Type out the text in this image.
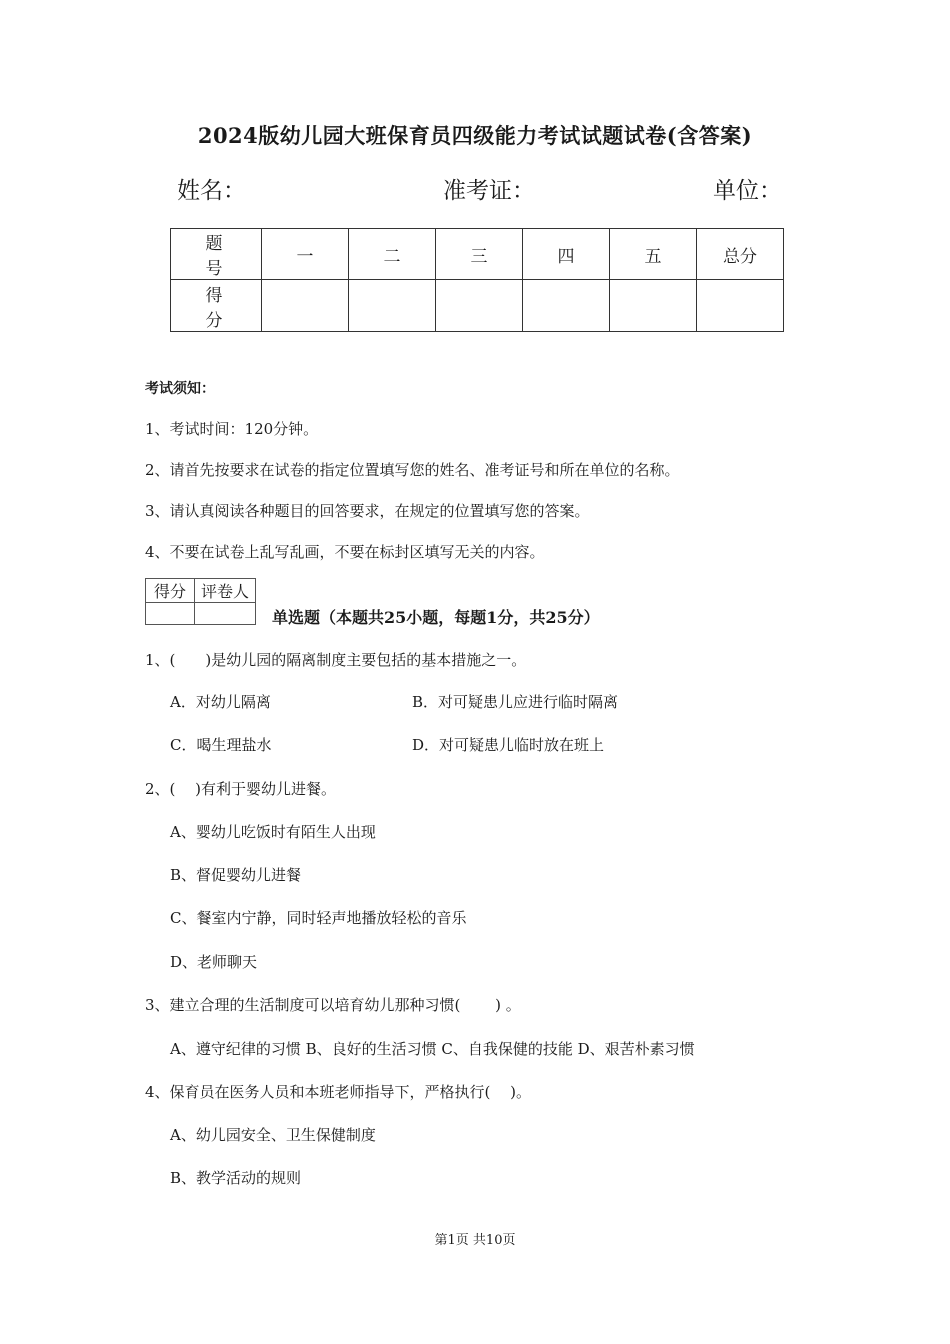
2024版幼儿园大班保育员四级能力考试试题试卷(含答案)
姓名：	准考证：	单位：
题　号	一	二	三	四	五	总分
得　分						
考试须知：
1、考试时间：120分钟。
2、请首先按要求在试卷的指定位置填写您的姓名、准考证号和所在单位的名称。
3、请认真阅读各种题目的回答要求，在规定的位置填写您的答案。
4、不要在试卷上乱写乱画，不要在标封区填写无关的内容。
得分	评卷人

单选题（本题共25小题，每题1分，共25分）
1、(　　)是幼儿园的隔离制度主要包括的基本措施之一。
A．对幼儿隔离	B．对可疑患儿应进行临时隔离
C．喝生理盐水	D．对可疑患儿临时放在班上
2、(　 )有利于婴幼儿进餐。
A、婴幼儿吃饭时有陌生人出现
B、督促婴幼儿进餐
C、餐室内宁静，同时轻声地播放轻松的音乐
D、老师聊天
3、建立合理的生活制度可以培育幼儿那种习惯(　　 ) 。
A、遵守纪律的习惯 B、良好的生活习惯 C、自我保健的技能 D、艰苦朴素习惯
4、保育员在医务人员和本班老师指导下，严格执行(　 )。
A、幼儿园安全、卫生保健制度
B、教学活动的规则
第1页 共10页
